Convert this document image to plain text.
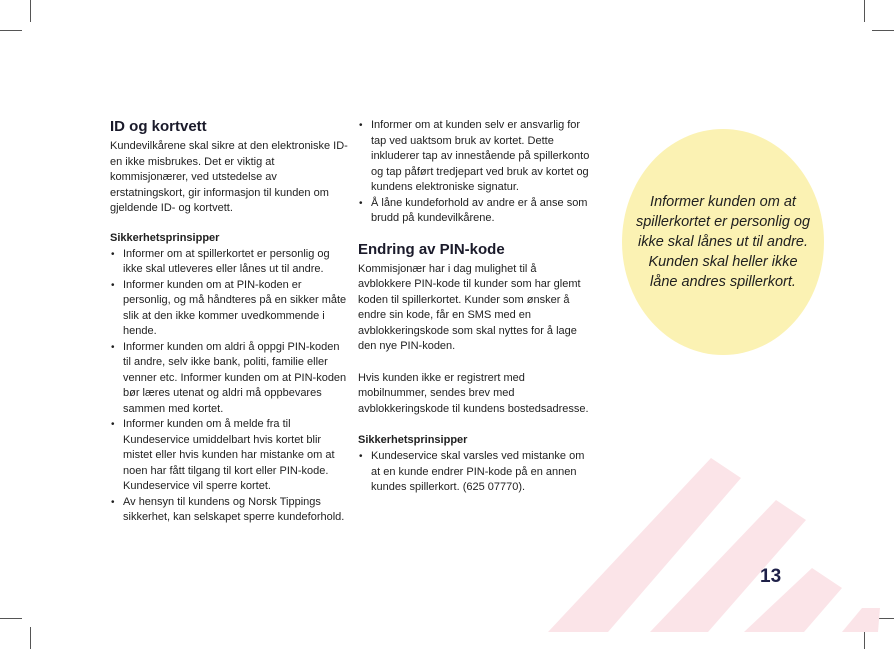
ID og kortvett

Kundevilkårene skal sikre at den elektroniske ID-en ikke misbrukes. Det er viktig at kommisjonærer, ved utstedelse av erstatningskort, gir informasjon til kunden om gjeldende ID- og kortvett.

Sikkerhetsprinsipper
• Informer om at spillerkortet er personlig og ikke skal utleveres eller lånes ut til andre.
• Informer kunden om at PIN-koden er personlig, og må håndteres på en sikker måte slik at den ikke kommer uvedkommende i hende.
• Informer kunden om aldri å oppgi PIN-koden til andre, selv ikke bank, politi, familie eller venner etc. Informer kunden om at PIN-koden bør læres utenat og aldri må oppbevares sammen med kortet.
• Informer kunden om å melde fra til Kundeservice umiddelbart hvis kortet blir mistet eller hvis kunden har mistanke om at noen har fått tilgang til kort eller PIN-kode. Kundeservice vil sperre kortet.
• Av hensyn til kundens og Norsk Tippings sikkerhet, kan selskapet sperre kundeforhold.
• Informer om at kunden selv er ansvarlig for tap ved uaktsom bruk av kortet. Dette inkluderer tap av innestående på spillerkonto og tap påført tredjepart ved bruk av kortet og kundens elektroniske signatur.
• Å låne kundeforhold av andre er å anse som brudd på kundevilkårene.
Endring av PIN-kode

Kommisjonær har i dag mulighet til å avblokkere PIN-kode til kunder som har glemt koden til spillerkortet. Kunder som ønsker å endre sin kode, får en SMS med en avblokkeringskode som skal nyttes for å lage den nye PIN-koden.

Hvis kunden ikke er registrert med mobilnummer, sendes brev med avblokkeringskode til kundens bostedsadresse.

Sikkerhetsprinsipper
• Kundeservice skal varsles ved mistanke om at en kunde endrer PIN-kode på en annen kundes spillerkort. (625 07770).
Informer kunden om at spillerkortet er personlig og ikke skal lånes ut til andre. Kunden skal heller ikke låne andres spillerkort.
13
